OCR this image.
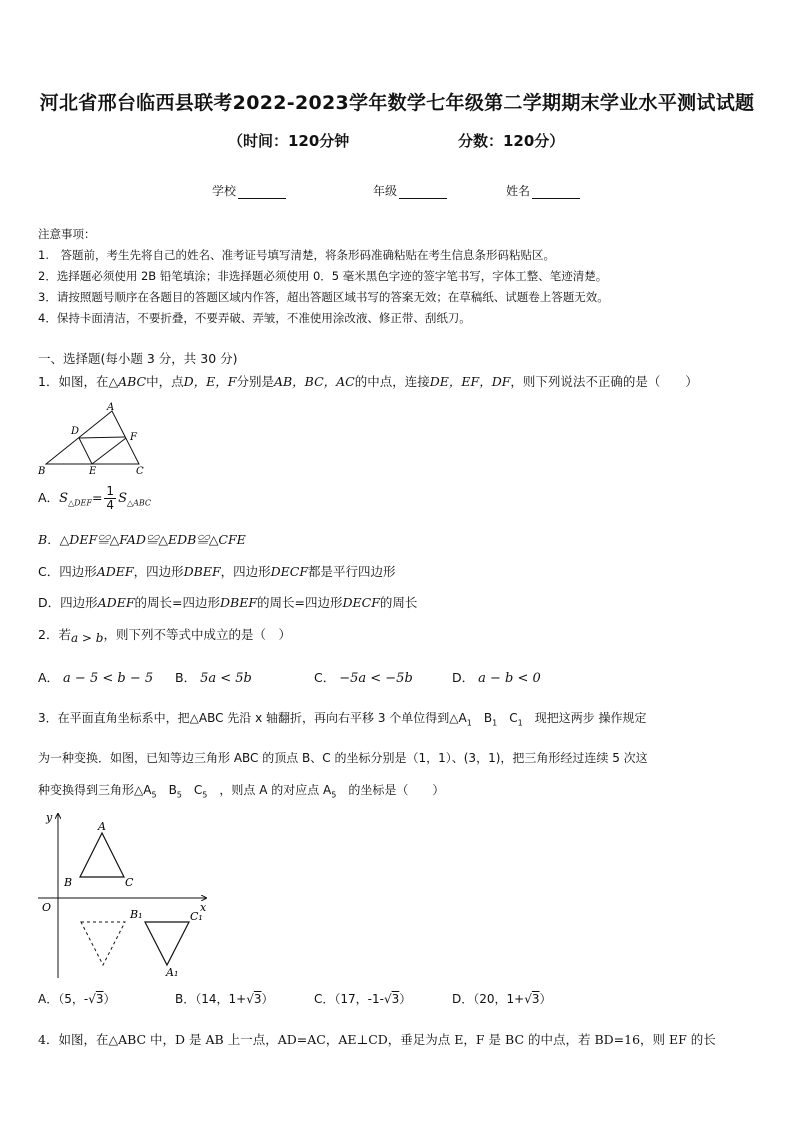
河北省邢台临西县联考2022-2023学年数学七年级第二学期期末学业水平测试试题
（时间：120分钟	分数：120分）
学校	年级	姓名
注意事项：
1.　答题前，考生先将自己的姓名、准考证号填写清楚，将条形码准确粘贴在考生信息条形码粘贴区。
2．选择题必须使用 2B 铅笔填涂；非选择题必须使用 0．5 毫米黑色字迹的签字笔书写，字体工整、笔迹清楚。
3．请按照题号顺序在各题目的答题区域内作答，超出答题区域书写的答案无效；在草稿纸、试题卷上答题无效。
4．保持卡面清洁，不要折叠，不要弄破、弄皱，不准使用涂改液、修正带、刮纸刀。
一、选择题(每小题 3 分，共 30 分)
1．如图，在△ABC中，点D，E，F分别是AB，BC，AC的中点，连接DE，EF，DF，则下列说法不正确的是（　　）
A
D
F
B	E	C
A．$S_{\triangle DEF}= \frac{1}{4} S_{\triangle ABC}$
B．△DEF≌△FAD≌△EDB≌△CFE
C．四边形ADEF，四边形DBEF，四边形DECF都是平行四边形
D．四边形ADEF的周长=四边形DBEF的周长=四边形DECF的周长
2．若a > b，则下列不等式中成立的是（　）
A． a − 5 < b − 5 B． 5a < 5b	C． −5a < −5b	D． a − b < 0
3．在平面直角坐标系中，把△ABC 先沿 x 轴翻折，再向右平移 3 个单位得到$\triangle A_1$　 $B_1$　 $C_1$　 现把这两步 操作规定
为一种变换．如图，已知等边三角形 ABC 的顶点 B、C 的坐标分别是（1，1）、(3，1)，把三角形经过连续 5 次这
种变换得到三角形$\triangle A_5$　 $B_5$　 $C_5$　 ，则点 A 的对应点 $A_5$　 的坐标是（　　）
y
A
B	C
O	x
B₁	C₁
A₁
A．（5，-√3）	B．（14，1+√3）	C．（17，-1-√3）	D．（20，1+√3）
4．如图，在△ABC 中，D 是 AB 上一点，AD=AC，AE⊥CD，垂足为点 E，F 是 BC 的中点，若 BD=16，则 EF 的长
